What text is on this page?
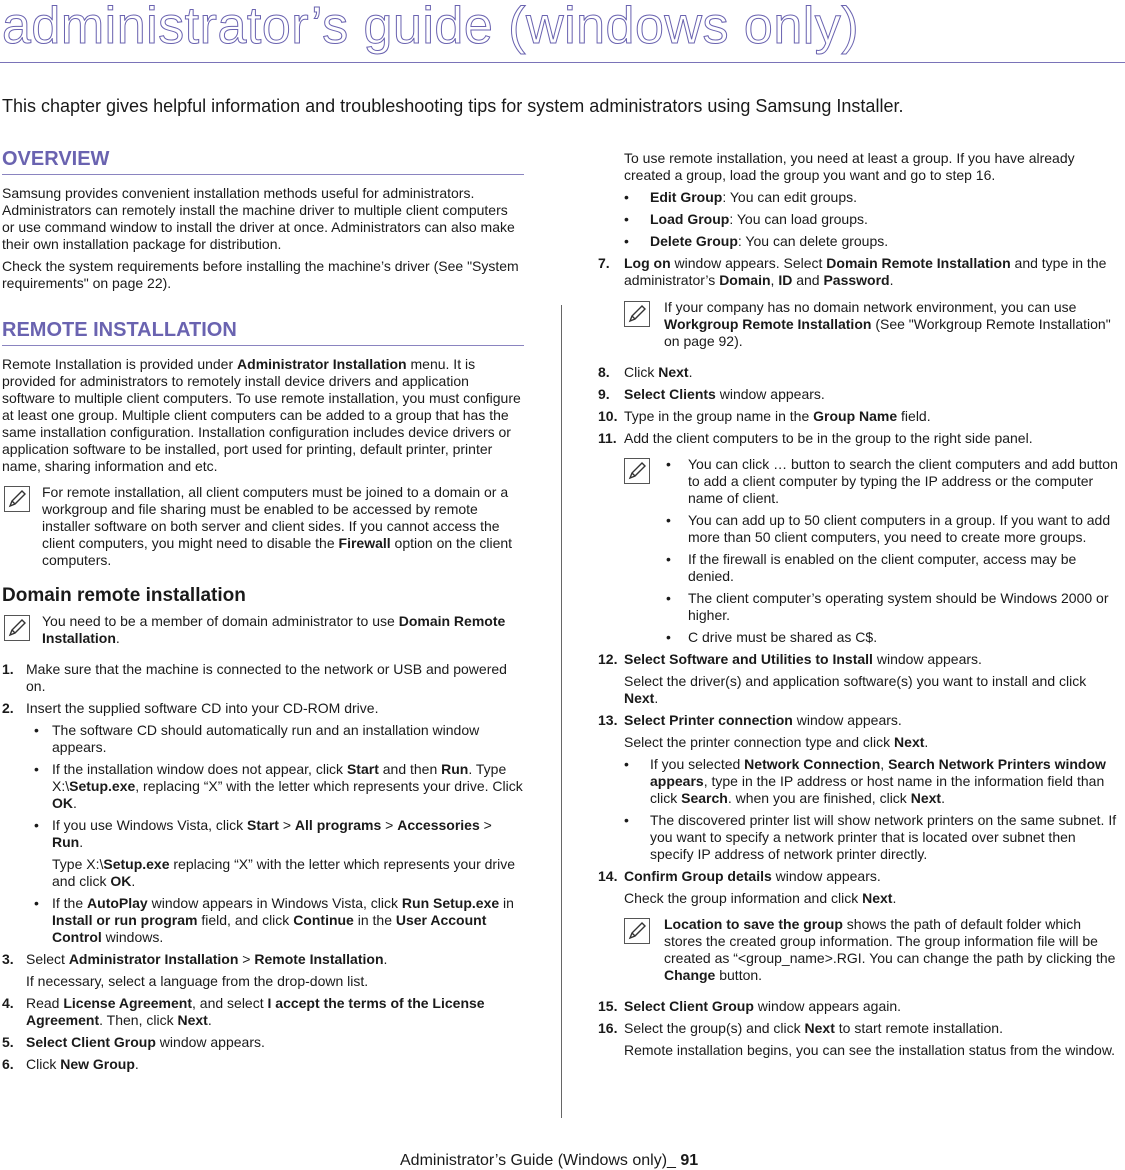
administrator’s guide (windows only)
This chapter gives helpful information and troubleshooting tips for system administrators using Samsung Installer.
OVERVIEW

Samsung provides convenient installation methods useful for administrators. Administrators can remotely install the machine driver to multiple client computers or use command window to install the driver at once. Administrators can also make their own installation package for distribution.

Check the system requirements before installing the machine’s driver (See "System requirements" on page 22).

REMOTE INSTALLATION

Remote Installation is provided under Administrator Installation menu. It is provided for administrators to remotely install device drivers and application software to multiple client computers. To use remote installation, you must configure at least one group. Multiple client computers can be added to a group that has the same installation configuration. Installation configuration includes device drivers or application software to be installed, port used for printing, default printer, printer name, sharing information and etc.

For remote installation, all client computers must be joined to a domain or a workgroup and file sharing must be enabled to be accessed by remote installer software on both server and client sides. If you cannot access the client computers, you might need to disable the Firewall option on the client computers.
Domain remote installation
You need to be a member of domain administrator to use Domain Remote Installation.
1. Make sure that the machine is connected to the network or USB and powered on.
2. Insert the supplied software CD into your CD-ROM drive.
• The software CD should automatically run and an installation window appears.
• If the installation window does not appear, click Start and then Run. Type X:\Setup.exe, replacing “X” with the letter which represents your drive. Click OK.
• If you use Windows Vista, click Start > All programs > Accessories > Run.
Type X:\Setup.exe replacing “X” with the letter which represents your drive and click OK.
• If the AutoPlay window appears in Windows Vista, click Run Setup.exe in Install or run program field, and click Continue in the User Account Control windows.
3. Select Administrator Installation > Remote Installation.
If necessary, select a language from the drop-down list.
4. Read License Agreement, and select I accept the terms of the License Agreement. Then, click Next.
5. Select Client Group window appears.
6. Click New Group.
To use remote installation, you need at least a group. If you have already created a group, load the group you want and go to step 16.
• Edit Group: You can edit groups.
• Load Group: You can load groups.
• Delete Group: You can delete groups.
7. Log on window appears. Select Domain Remote Installation and type in the administrator’s Domain, ID and Password.
If your company has no domain network environment, you can use Workgroup Remote Installation (See "Workgroup Remote Installation" on page 92).
8. Click Next.
9. Select Clients window appears.
10. Type in the group name in the Group Name field.
11. Add the client computers to be in the group to the right side panel.
• You can click … button to search the client computers and add button to add a client computer by typing the IP address or the computer name of client.
• You can add up to 50 client computers in a group. If you want to add more than 50 client computers, you need to create more groups.
• If the firewall is enabled on the client computer, access may be denied.
• The client computer’s operating system should be Windows 2000 or higher.
• C drive must be shared as C$.
12. Select Software and Utilities to Install window appears.
Select the driver(s) and application software(s) you want to install and click Next.
13. Select Printer connection window appears.
Select the printer connection type and click Next.
• If you selected Network Connection, Search Network Printers window appears, type in the IP address or host name in the information field than click Search. when you are finished, click Next.
• The discovered printer list will show network printers on the same subnet. If you want to specify a network printer that is located over subnet then specify IP address of network printer directly.
14. Confirm Group details window appears.
Check the group information and click Next.
Location to save the group shows the path of default folder which stores the created group information. The group information file will be created as “<group_name>.RGI. You can change the path by clicking the Change button.
15. Select Client Group window appears again.
16. Select the group(s) and click Next to start remote installation.
Remote installation begins, you can see the installation status from the window.
Administrator’s Guide (Windows only)_ 91
